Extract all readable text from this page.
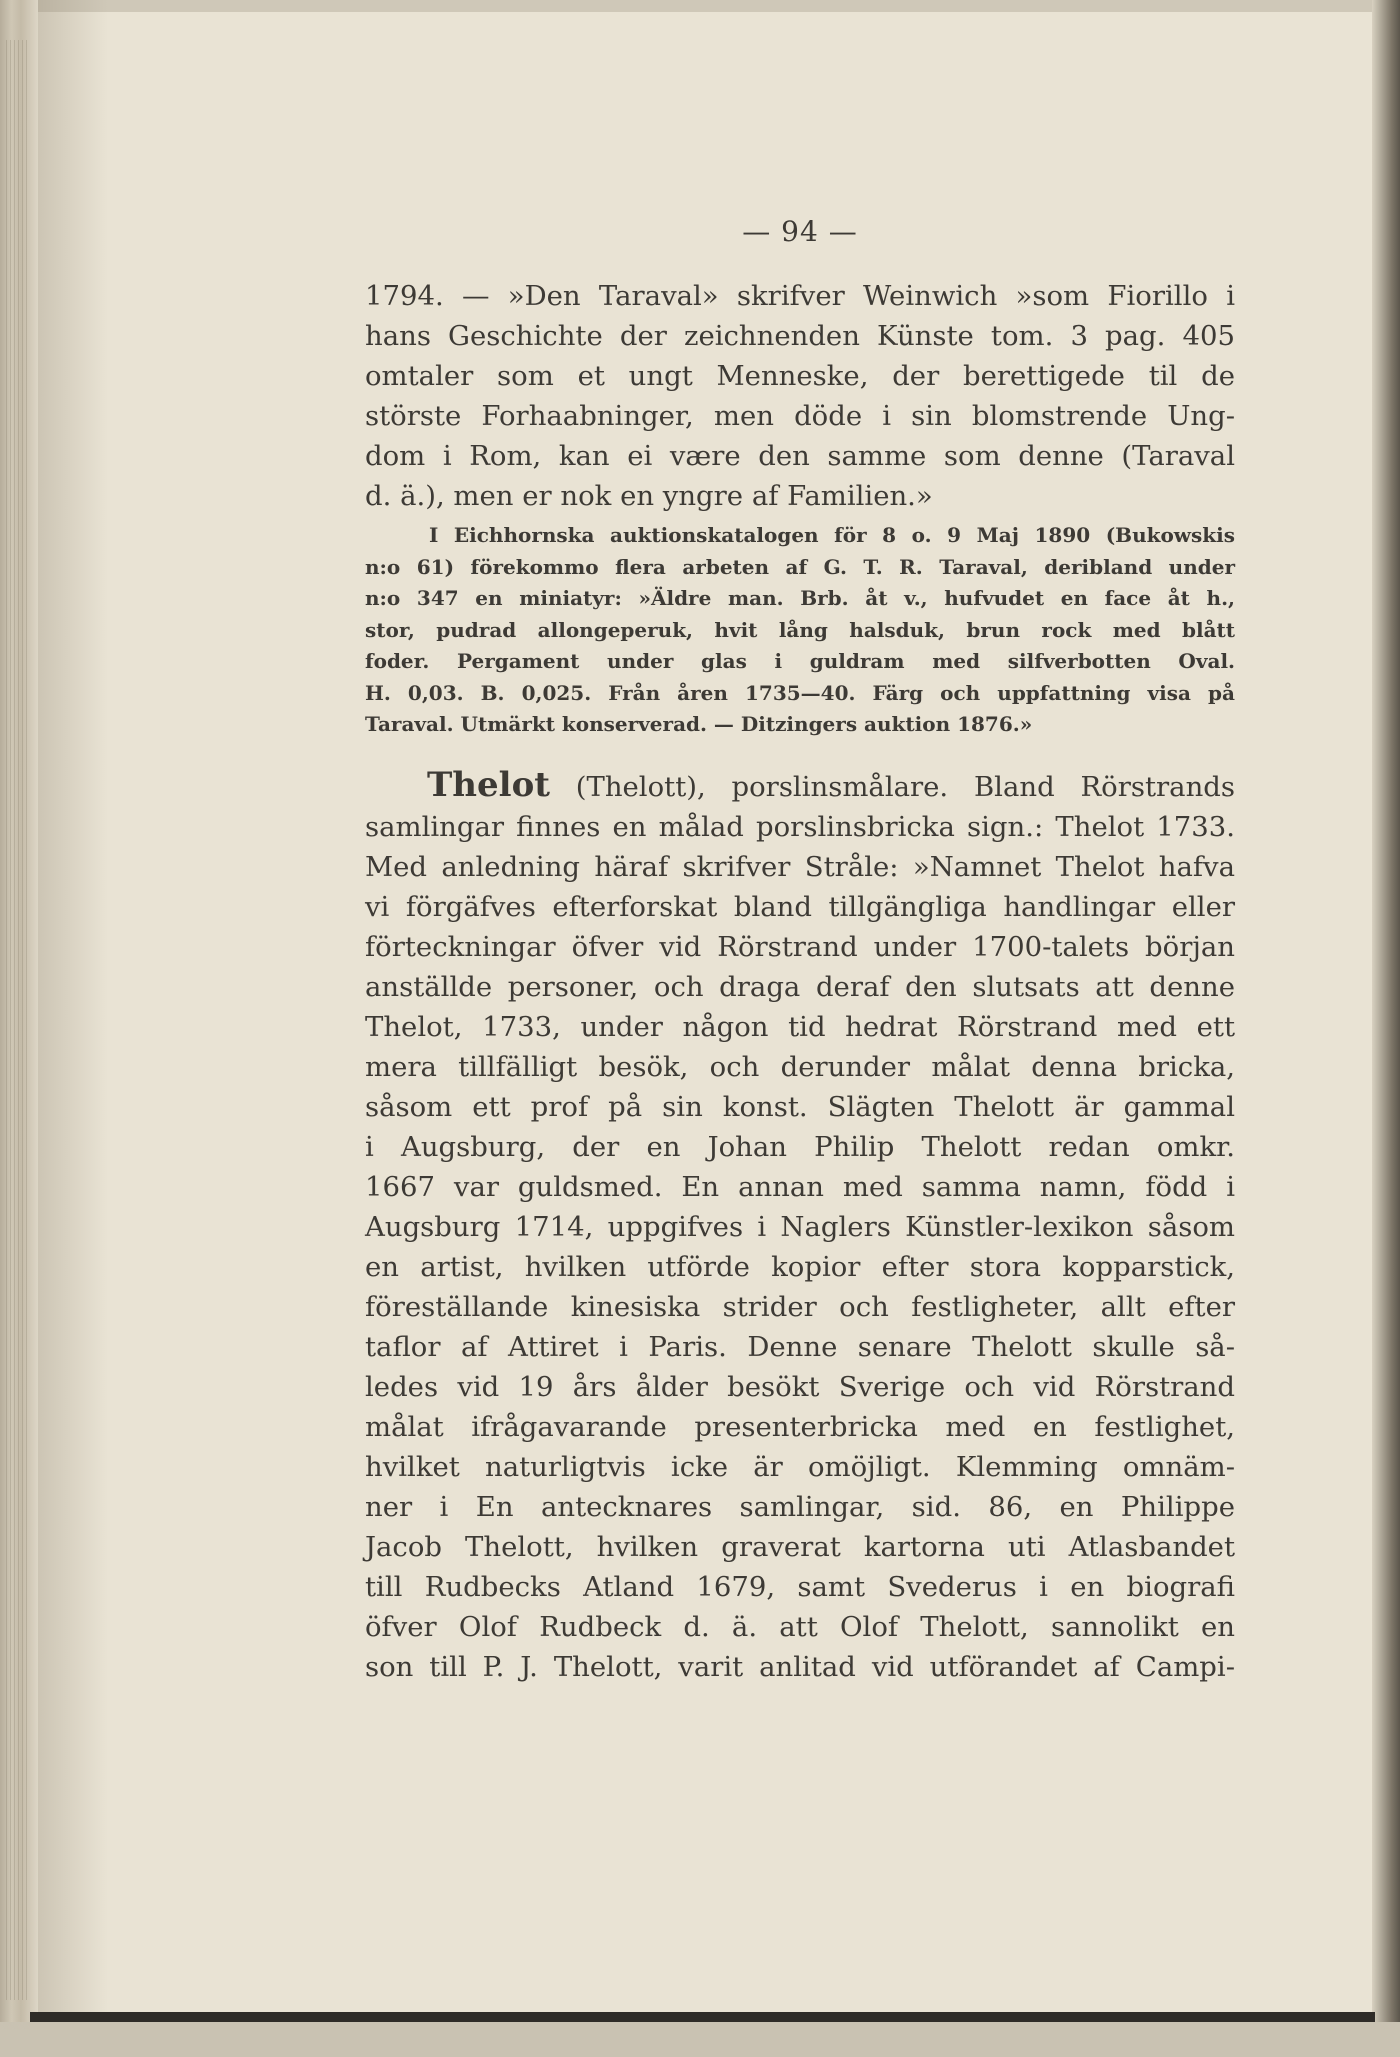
— 94 —
1794. — »Den Taraval» skrifver Weinwich »som Fiorillo i
hans Geschichte der zeichnenden Künste tom. 3 pag. 405
omtaler som et ungt Menneske, der berettigede til de
störste Forhaabninger, men döde i sin blomstrende Ung-
dom i Rom, kan ei være den samme som denne (Taraval
d. ä.), men er nok en yngre af Familien.»
I Eichhornska auktionskatalogen för 8 o. 9 Maj 1890 (Bukowskis
n:o 61) förekommo flera arbeten af G. T. R. Taraval, deribland under
n:o 347 en miniatyr: »Äldre man. Brb. åt v., hufvudet en face åt h.,
stor, pudrad allongeperuk, hvit lång halsduk, brun rock med blått
foder. Pergament under glas i guldram med silfverbotten Oval.
H. 0,03. B. 0,025. Från åren 1735—40. Färg och uppfattning visa på
Taraval. Utmärkt konserverad. — Ditzingers auktion 1876.»
Thelot (Thelott), porslinsmålare. Bland Rörstrands
samlingar finnes en målad porslinsbricka sign.: Thelot 1733.
Med anledning häraf skrifver Stråle: »Namnet Thelot hafva
vi förgäfves efterforskat bland tillgängliga handlingar eller
förteckningar öfver vid Rörstrand under 1700-talets början
anställde personer, och draga deraf den slutsats att denne
Thelot, 1733, under någon tid hedrat Rörstrand med ett
mera tillfälligt besök, och derunder målat denna bricka,
såsom ett prof på sin konst. Slägten Thelott är gammal
i Augsburg, der en Johan Philip Thelott redan omkr.
1667 var guldsmed. En annan med samma namn, född i
Augsburg 1714, uppgifves i Naglers Künstler-lexikon såsom
en artist, hvilken utförde kopior efter stora kopparstick,
föreställande kinesiska strider och festligheter, allt efter
taflor af Attiret i Paris. Denne senare Thelott skulle så-
ledes vid 19 års ålder besökt Sverige och vid Rörstrand
målat ifrågavarande presenterbricka med en festlighet,
hvilket naturligtvis icke är omöjligt. Klemming omnäm-
ner i En antecknares samlingar, sid. 86, en Philippe
Jacob Thelott, hvilken graverat kartorna uti Atlasbandet
till Rudbecks Atland 1679, samt Svederus i en biografi
öfver Olof Rudbeck d. ä. att Olof Thelott, sannolikt en
son till P. J. Thelott, varit anlitad vid utförandet af Campi-
